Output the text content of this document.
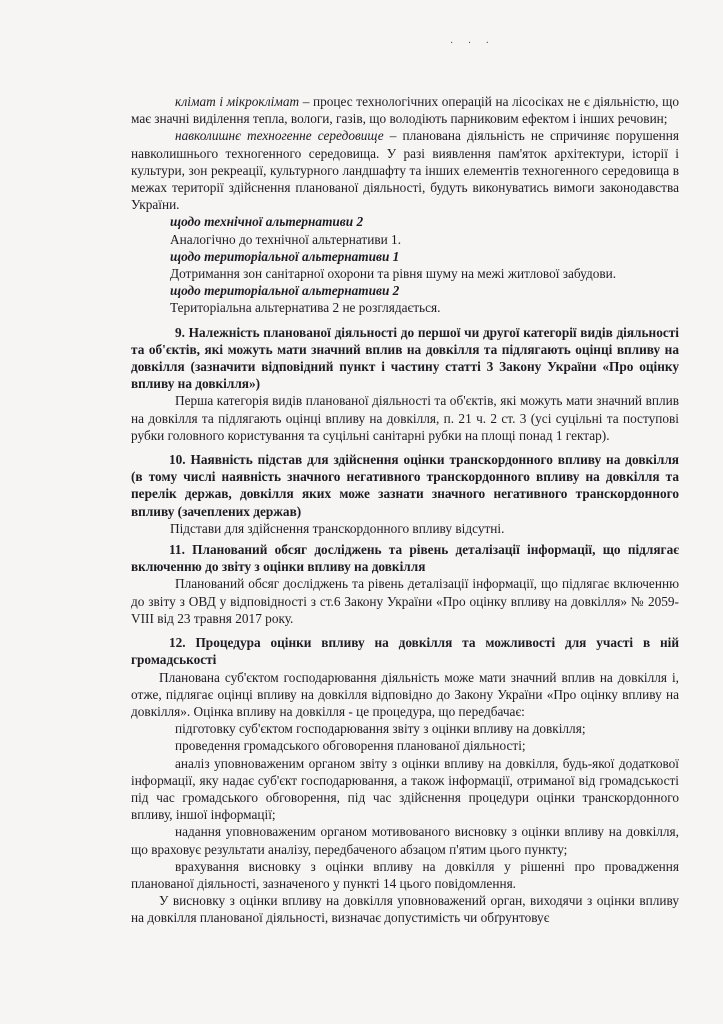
· · ·

клімат і мікроклімат – процес технологічних операцій на лісосіках не є діяльністю, що має значні виділення тепла, вологи, газів, що володіють парниковим ефектом і інших речовин;

навколишнє техногенне середовище – планована діяльність не спричиняє порушення навколишнього техногенного середовища. У разі виявлення пам'яток архітектури, історії і культури, зон рекреації, культурного ландшафту та інших елементів техногенного середовища в межах території здійснення планованої діяльності, будуть виконуватись вимоги законодавства України.

щодо технічної альтернативи 2

Аналогічно до технічної альтернативи 1.

щодо територіальної альтернативи 1

Дотримання зон санітарної охорони та рівня шуму на межі житлової забудови.

щодо територіальної альтернативи 2

Територіальна альтернатива 2 не розглядається.

9. Належність планованої діяльності до першої чи другої категорії видів діяльності та об'єктів, які можуть мати значний вплив на довкілля та підлягають оцінці впливу на довкілля (зазначити відповідний пункт і частину статті 3 Закону України «Про оцінку впливу на довкілля»)

Перша категорія видів планованої діяльності та об'єктів, які можуть мати значний вплив на довкілля та підлягають оцінці впливу на довкілля, п. 21 ч. 2 ст. 3 (усі суцільні та поступові рубки головного користування та суцільні санітарні рубки на площі понад 1 гектар).

10. Наявність підстав для здійснення оцінки транскордонного впливу на довкілля (в тому числі наявність значного негативного транскордонного впливу на довкілля та перелік держав, довкілля яких може зазнати значного негативного транскордонного впливу (зачеплених держав)

Підстави для здійснення транскордонного впливу відсутні.

11. Планований обсяг досліджень та рівень деталізації інформації, що підлягає включенню до звіту з оцінки впливу на довкілля

Планований обсяг досліджень та рівень деталізації інформації, що підлягає включенню до звіту з ОВД у відповідності з ст.6 Закону України «Про оцінку впливу на довкілля» № 2059-VIII від 23 травня 2017 року.

12. Процедура оцінки впливу на довкілля та можливості для участі в ній громадськості

Планована суб'єктом господарювання діяльність може мати значний вплив на довкілля і, отже, підлягає оцінці впливу на довкілля відповідно до Закону України «Про оцінку впливу на довкілля». Оцінка впливу на довкілля - це процедура, що передбачає:

підготовку суб'єктом господарювання звіту з оцінки впливу на довкілля;

проведення громадського обговорення планованої діяльності;

аналіз уповноваженим органом звіту з оцінки впливу на довкілля, будь-якої додаткової інформації, яку надає суб'єкт господарювання, а також інформації, отриманої від громадськості під час громадського обговорення, під час здійснення процедури оцінки транскордонного впливу, іншої інформації;

надання уповноваженим органом мотивованого висновку з оцінки впливу на довкілля, що враховує результати аналізу, передбаченого абзацом п'ятим цього пункту;

врахування висновку з оцінки впливу на довкілля у рішенні про провадження планованої діяльності, зазначеного у пункті 14 цього повідомлення.

У висновку з оцінки впливу на довкілля уповноважений орган, виходячи з оцінки впливу на довкілля планованої діяльності, визначає допустимість чи обґрунтовує
